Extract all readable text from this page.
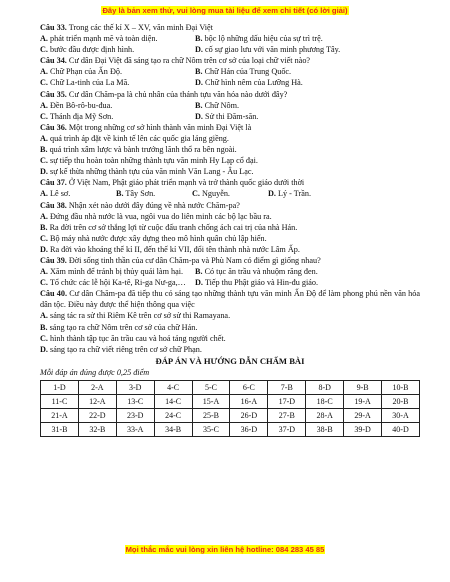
Đây là bản xem thử, vui lòng mua tài liệu để xem chi tiết (có lời giải)
Câu 33. Trong các thế kỉ X – XV, văn minh Đại Việt
A. phát triển mạnh mẽ và toàn diện.	B. bộc lộ những dấu hiệu của sự trì trệ.
C. bước đầu được định hình.	D. cố sự giao lưu với văn minh phương Tây.
Câu 34. Cư dân Đại Việt đã sáng tạo ra chữ Nôm trên cơ sở của loại chữ viết nào?
A. Chữ Phạn của Ấn Độ.	B. Chữ Hán của Trung Quốc.
C. Chữ La-tinh của La Mã.	D. Chữ hình nêm của Lưỡng Hà.
Câu 35. Cư dân Chăm-pa là chủ nhân của thánh tựu văn hóa nào dưới đây?
A. Đền Bô-rô-bu-đua.	B. Chữ Nôm.
C. Thánh địa Mỹ Sơn.	D. Sử thi Đăm-săn.
Câu 36. Một trong những cơ sở hình thành văn minh Đại Việt là
A. quá trình áp đặt về kinh tế lên các quốc gia láng giềng.
B. quá trình xâm lược và bành trướng lãnh thổ ra bên ngoài.
C. sự tiếp thu hoàn toàn những thành tựu văn minh Hy Lạp cổ đại.
D. sự kế thừa những thành tựu của văn minh Văn Lang - Âu Lạc.
Câu 37. Ở Việt Nam, Phật giáo phát triển mạnh và trở thành quốc giáo dưới thời
A. Lê sơ.	B. Tây Sơn.	C. Nguyễn.	D. Lý - Trần.
Câu 38. Nhận xét nào dưới đây đúng về nhà nước Chăm-pa?
A. Đứng đầu nhà nước là vua, ngôi vua do liên minh các bộ lạc bầu ra.
B. Ra đời trên cơ sở thắng lợi từ cuộc đấu tranh chống ách cai trị của nhà Hán.
C. Bộ máy nhà nước được xây dựng theo mô hình quân chủ lập hiến.
D. Ra đời vào khoảng thế kỉ II, đến thế kỉ VII, đổi tên thành nhà nước Lâm Ấp.
Câu 39. Đời sống tinh thần của cư dân Chăm-pa và Phù Nam có điểm gì giống nhau?
A. Xăm mình để tránh bị thủy quái làm hại.	B. Có tục ăn trầu và nhuộm răng đen.
C. Tổ chức các lễ hội Ka-tê, Ri-ga Nư-ga,…	D. Tiếp thu Phật giáo và Hin-đu giáo.
Câu 40. Cư dân Chăm-pa đã tiếp thu có sáng tạo những thành tựu văn minh Ấn Độ để làm phong phú nền văn hóa dân tộc. Điều này được thể hiện thông qua việc
A. sáng tác ra sử thi Riêm Kê trên cơ sở sử thi Ramayana.
B. sáng tạo ra chữ Nôm trên cơ sở của chữ Hán.
C. hình thành tập tục ăn trầu cau và hoả táng người chết.
D. sáng tạo ra chữ viết riêng trên cơ sở chữ Phạn.
ĐÁP ÁN VÀ HƯỚNG DẪN CHẤM BÀI
Mỗi đáp án đúng được 0,25 điểm
1-D	2-A	3-D	4-C	5-C	6-C	7-B	8-D	9-B	10-B
11-C	12-A	13-C	14-C	15-A	16-A	17-D	18-C	19-A	20-B
21-A	22-D	23-D	24-C	25-B	26-D	27-B	28-A	29-A	30-A
31-B	32-B	33-A	34-B	35-C	36-D	37-D	38-B	39-D	40-D
Mọi thắc mắc vui lòng xin liên hệ hotline: 084 283 45 85
